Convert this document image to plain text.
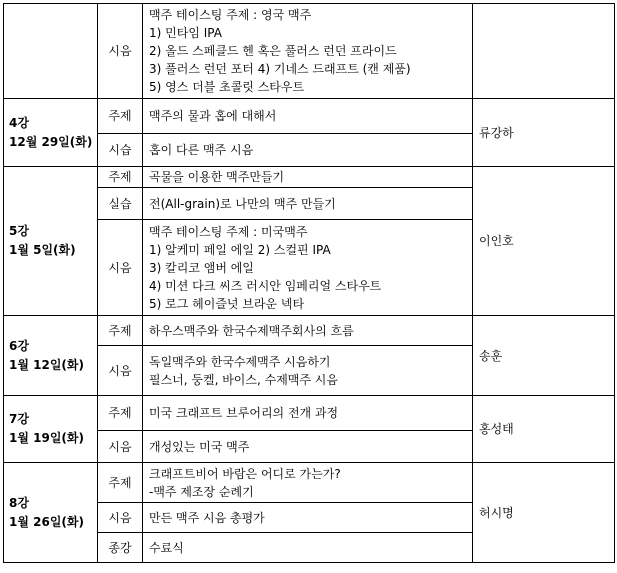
	시음	맥주 테이스팅 주제 : 영국 맥주
1) 민타임 IPA
2) 올드 스페클드 헨 혹은 풀러스 런던 프라이드
3) 풀러스 런던 포터 4) 기네스 드래프트 (캔 제품)
5) 영스 더블 초콜릿 스타우트	

4강
12월 29일(화)	주제	맥주의 물과 홉에 대해서	류강하
	시습	홉이 다른 맥주 시음	

5강
1월 5일(화)	주제	곡물을 이용한 맥주만들기	이인호
	실습	전(All-grain)로 나만의 맥주 만들기	

	시음	맥주 테이스팅 주제 : 미국맥주
1) 알케미 페일 에일 2) 스컬핀 IPA
3) 칼리코 앰버 에일
4) 미션 다크 씨즈 러시안 임페리얼 스타우트
5) 로그 헤이즐넛 브라운 넥타	

6강
1월 12일(화)	주제	하우스맥주와 한국수제맥주회사의 흐름	송훈
	시음	독일맥주와 한국수제맥주 시음하기
필스너, 둥켈, 바이스, 수제맥주 시음	

7강
1월 19일(화)	주제	미국 크래프트 브루어리의 전개 과정	홍성태
	시음	개성있는 미국 맥주	

8강
1월 26일(화)	주제	크래프트비어 바람은 어디로 가는가?
-맥주 제조장 순례기	허시명
	시음	만든 맥주 시음 총평가	

	종강	수료식	
